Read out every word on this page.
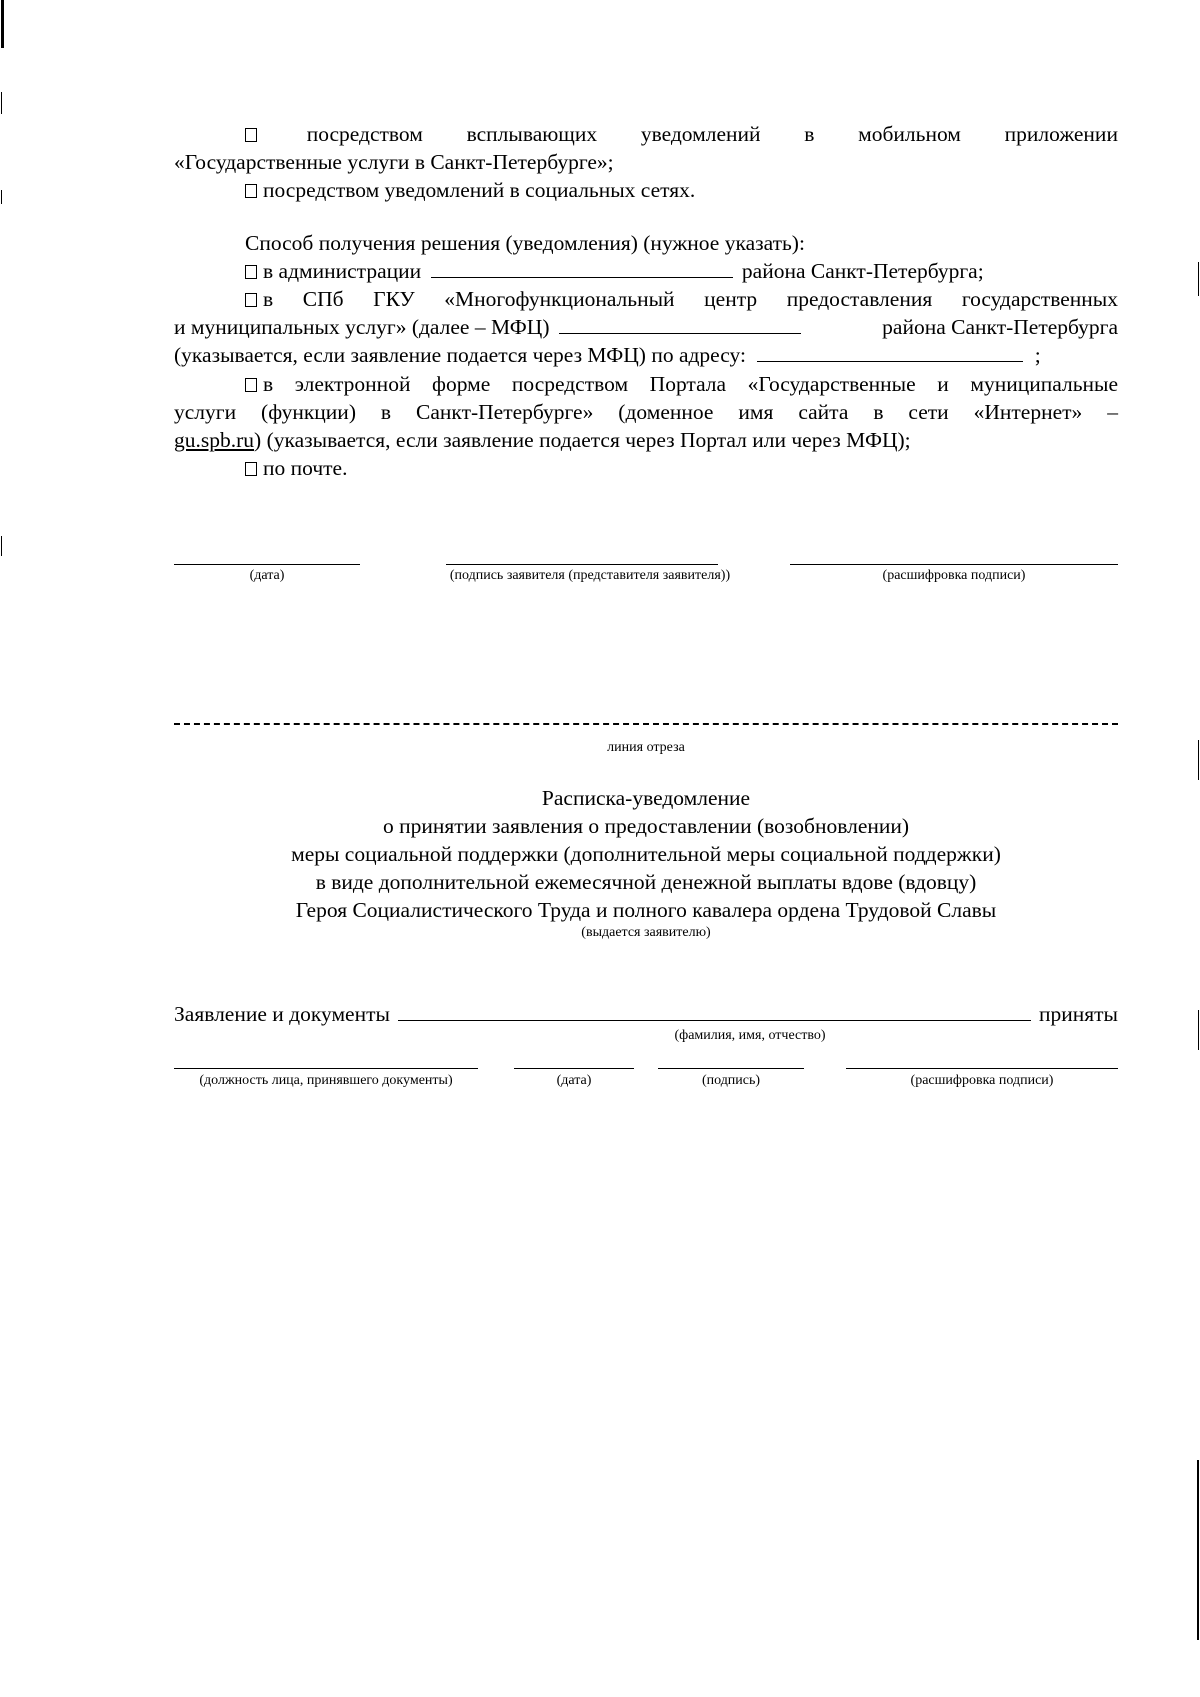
посредством всплывающих уведомлений в мобильном приложении
«Государственные услуги в Санкт-Петербурге»;
посредством уведомлений в социальных сетях.
Способ получения решения (уведомления) (нужное указать):
в администрации	района Санкт-Петербурга;
в СПб ГКУ «Многофункциональный центр предоставления государственных
и муниципальных услуг» (далее – МФЦ)	района Санкт-Петербурга
(указывается, если заявление подается через МФЦ) по адресу:	;
в электронной форме посредством Портала «Государственные и муниципальные
услуги (функции) в Санкт-Петербурге» (доменное имя сайта в сети «Интернет» –
gu.spb.ru) (указывается, если заявление подается через Портал или через МФЦ);
по почте.
(дата)	(подпись заявителя (представителя заявителя))	(расшифровка подписи)
линия отреза
Расписка-уведомление
о принятии заявления о предоставлении (возобновлении)
меры социальной поддержки (дополнительной меры социальной поддержки)
в виде дополнительной ежемесячной денежной выплаты вдове (вдовцу)
Героя Социалистического Труда и полного кавалера ордена Трудовой Славы
(выдается заявителю)
Заявление и документы	приняты
(фамилия, имя, отчество)
(должность лица, принявшего документы)	(дата)	(подпись)	(расшифровка подписи)
